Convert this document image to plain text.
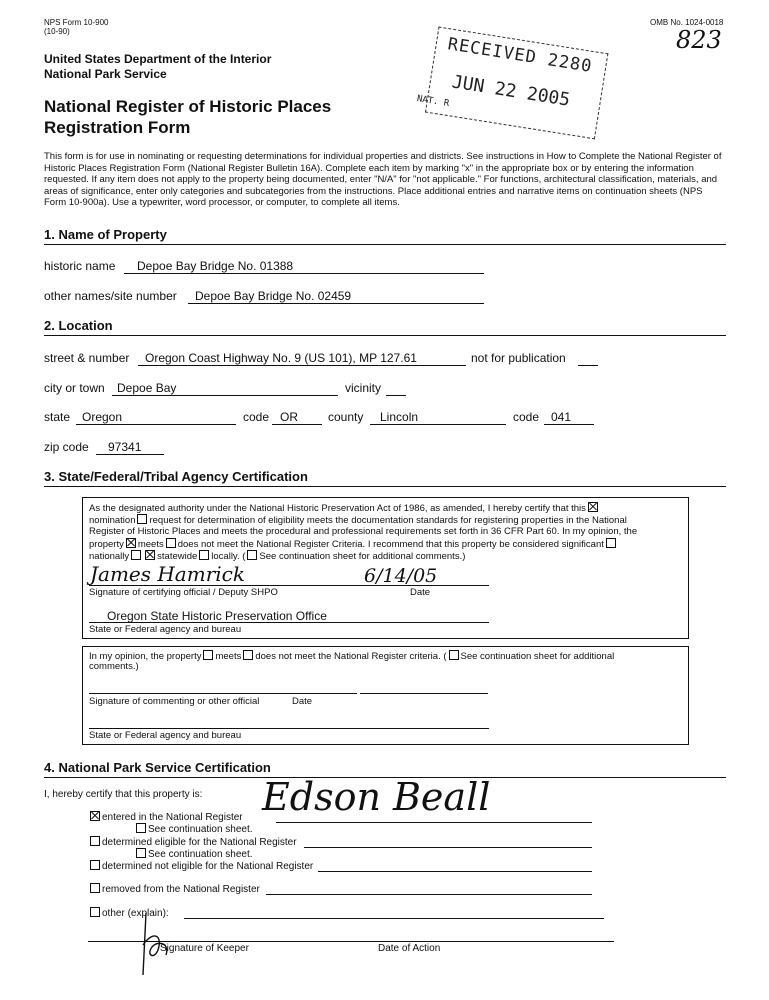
NPS Form 10-900
(10-90)
OMB No. 1024-0018
823
United States Department of the Interior
National Park Service
National Register of Historic Places
Registration Form
RECEIVED 2280
JUN 22 2005
NAT. R
This form is for use in nominating or requesting determinations for individual properties and districts. See instructions in How to Complete the National Register of Historic Places Registration Form (National Register Bulletin 16A). Complete each item by marking "x" in the appropriate box or by entering the information requested. If any item does not apply to the property being documented, enter "N/A" for "not applicable." For functions, architectural classification, materials, and areas of significance, enter only categories and subcategories from the instructions. Place additional entries and narrative items on continuation sheets (NPS Form 10-900a). Use a typewriter, word processor, or computer, to complete all items.
1. Name of Property
historic name Depoe Bay Bridge No. 01388
other names/site number Depoe Bay Bridge No. 02459
2. Location
street & number Oregon Coast Highway No. 9 (US 101), MP 127.61	not for publication
city or town Depoe Bay	vicinity
state Oregon	code OR	county Lincoln	code 041
zip code 97341
3. State/Federal/Tribal Agency Certification
As the designated authority under the National Historic Preservation Act of 1986, as amended, I hereby certify that this
nomination request for determination of eligibility meets the documentation standards for registering properties in the National
Register of Historic Places and meets the procedural and professional requirements set forth in 36 CFR Part 60. In my opinion, the
property meets does not meet the National Register Criteria. I recommend that this property be considered significant
nationally	statewide locally. ( See continuation sheet for additional comments.)
James Hamrick	6/14/05
Signature of certifying official / Deputy SHPO	Date
Oregon State Historic Preservation Office
State or Federal agency and bureau
In my opinion, the property meets does not meet the National Register criteria. ( See continuation sheet for additional
comments.)
Signature of commenting or other official	Date
State or Federal agency and bureau
4. National Park Service Certification
I, hereby certify that this property is: Edson Beall
entered in the National Register
See continuation sheet.
determined eligible for the National Register
See continuation sheet.
determined not eligible for the National Register
removed from the National Register
other (explain):
Signature of Keeper	Date of Action
